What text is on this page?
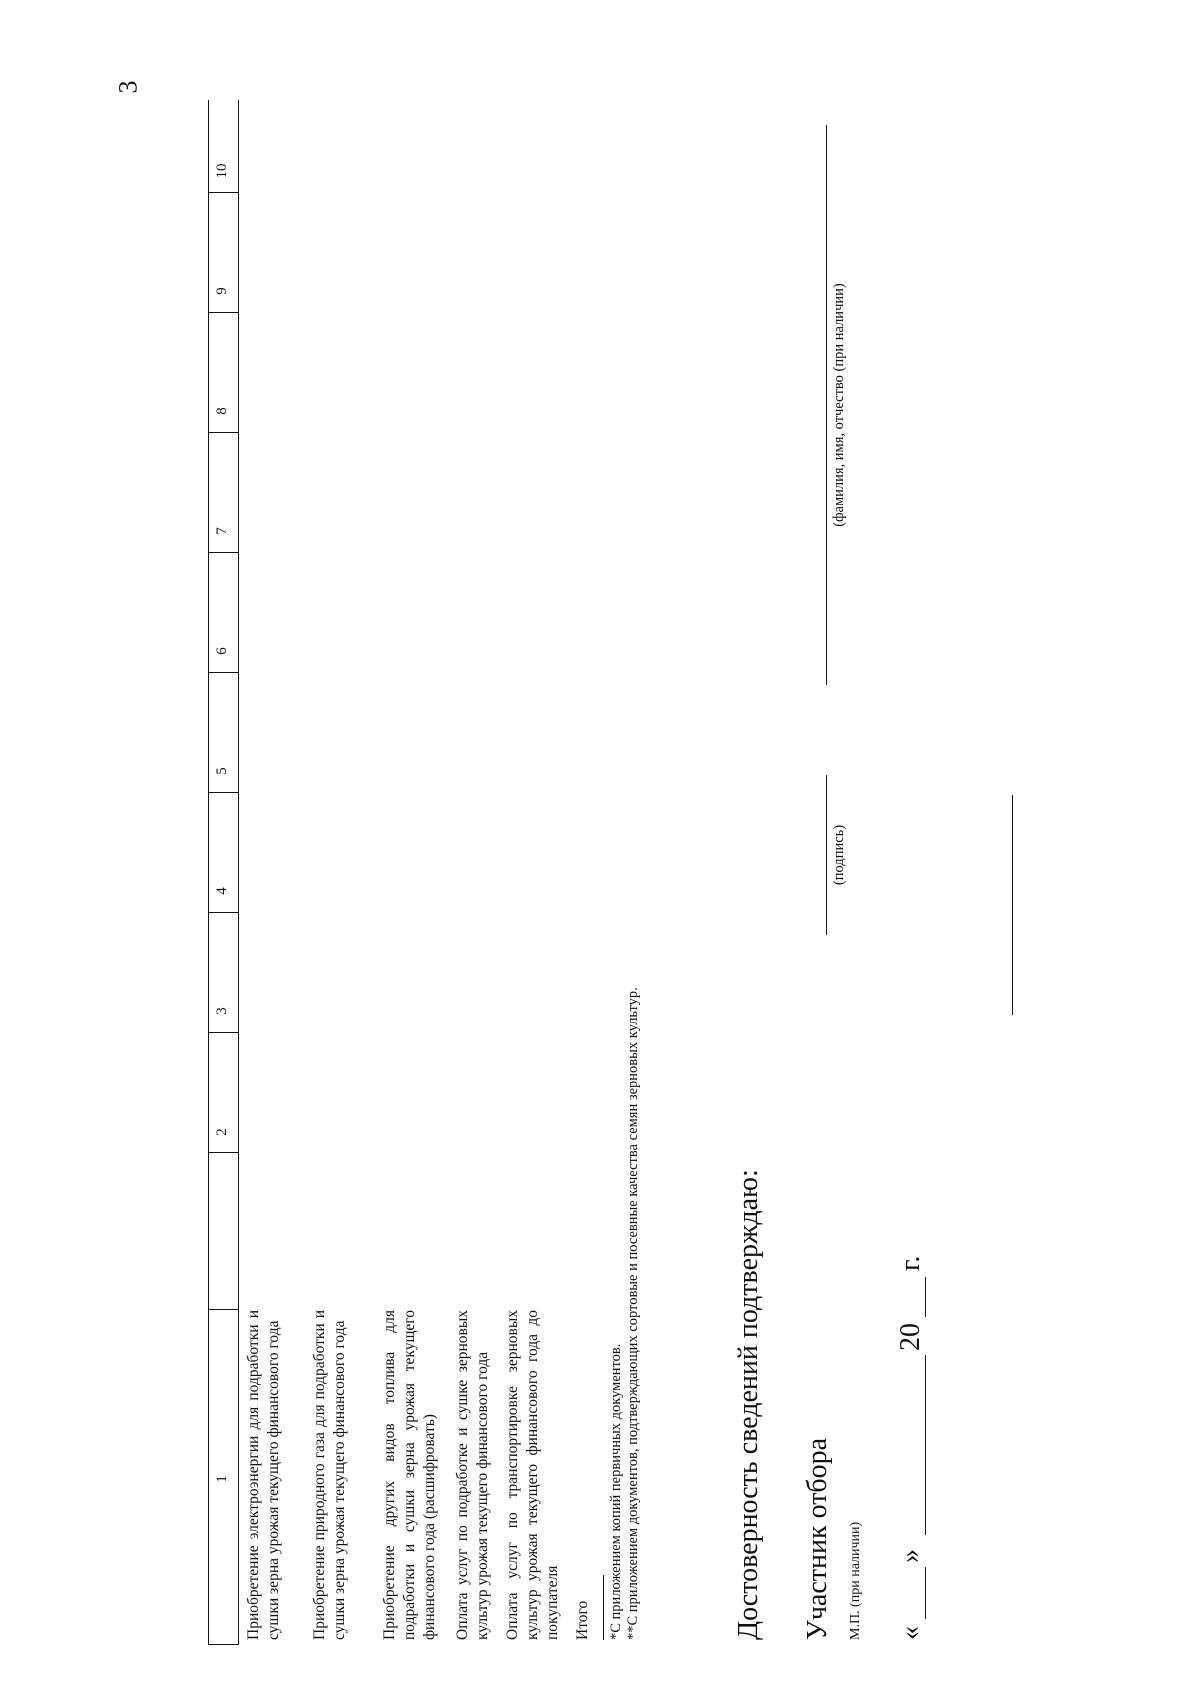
3
1
2
3
4
5
6
7
8
9
10
Приобретение электроэнергии для подработки и сушки зерна урожая текущего финансового года Приобретение природного газа для подработки и сушки зерна урожая текущего финансового года Приобретение других видов топлива для подработки и сушки зерна урожая текущего финансового года (расшифровать) Оплата услуг по подработке и сушке зерновых культур урожая текущего финансового года Оплата услуг по транспортировке зерновых культур урожая текущего финансового года до покупателя Итого *С приложением копий первичных документов. **С приложением документов, подтверждающих сортовые и посевные качества семян зерновых культур.	Достоверность сведений подтверждаю: Участник отбора М.П. (при наличии)
(подпись)
(фамилия, имя, отчество (при наличии)
«
»
20
г.
